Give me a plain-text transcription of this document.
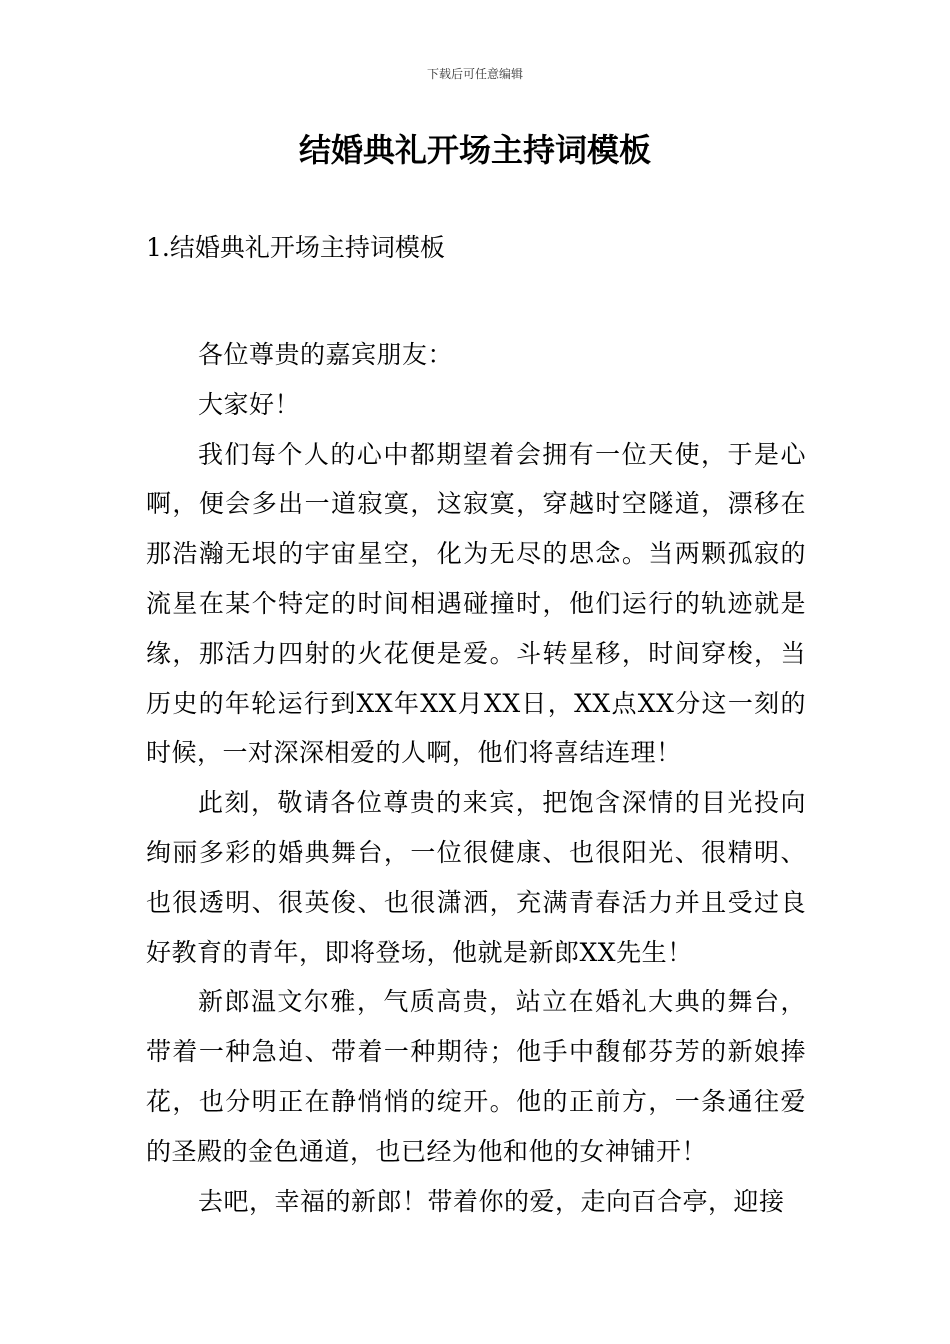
下载后可任意编辑
结婚典礼开场主持词模板
1.结婚典礼开场主持词模板

各位尊贵的嘉宾朋友：

大家好！

我们每个人的心中都期望着会拥有一位天使，于是心啊，便会多出一道寂寞，这寂寞，穿越时空隧道，漂移在那浩瀚无垠的宇宙星空，化为无尽的思念。当两颗孤寂的流星在某个特定的时间相遇碰撞时，他们运行的轨迹就是缘，那活力四射的火花便是爱。斗转星移，时间穿梭，当历史的年轮运行到XX年XX月XX日，XX点XX分这一刻的时候，一对深深相爱的人啊，他们将喜结连理！

此刻，敬请各位尊贵的来宾，把饱含深情的目光投向绚丽多彩的婚典舞台，一位很健康、也很阳光、很精明、也很透明、很英俊、也很潇洒，充满青春活力并且受过良好教育的青年，即将登场，他就是新郎XX先生！

新郎温文尔雅，气质高贵，站立在婚礼大典的舞台，带着一种急迫、带着一种期待；他手中馥郁芬芳的新娘捧花，也分明正在静悄悄的绽开。他的正前方，一条通往爱的圣殿的金色通道，也已经为他和他的女神铺开！

去吧，幸福的新郎！带着你的爱，走向百合亭，迎接
